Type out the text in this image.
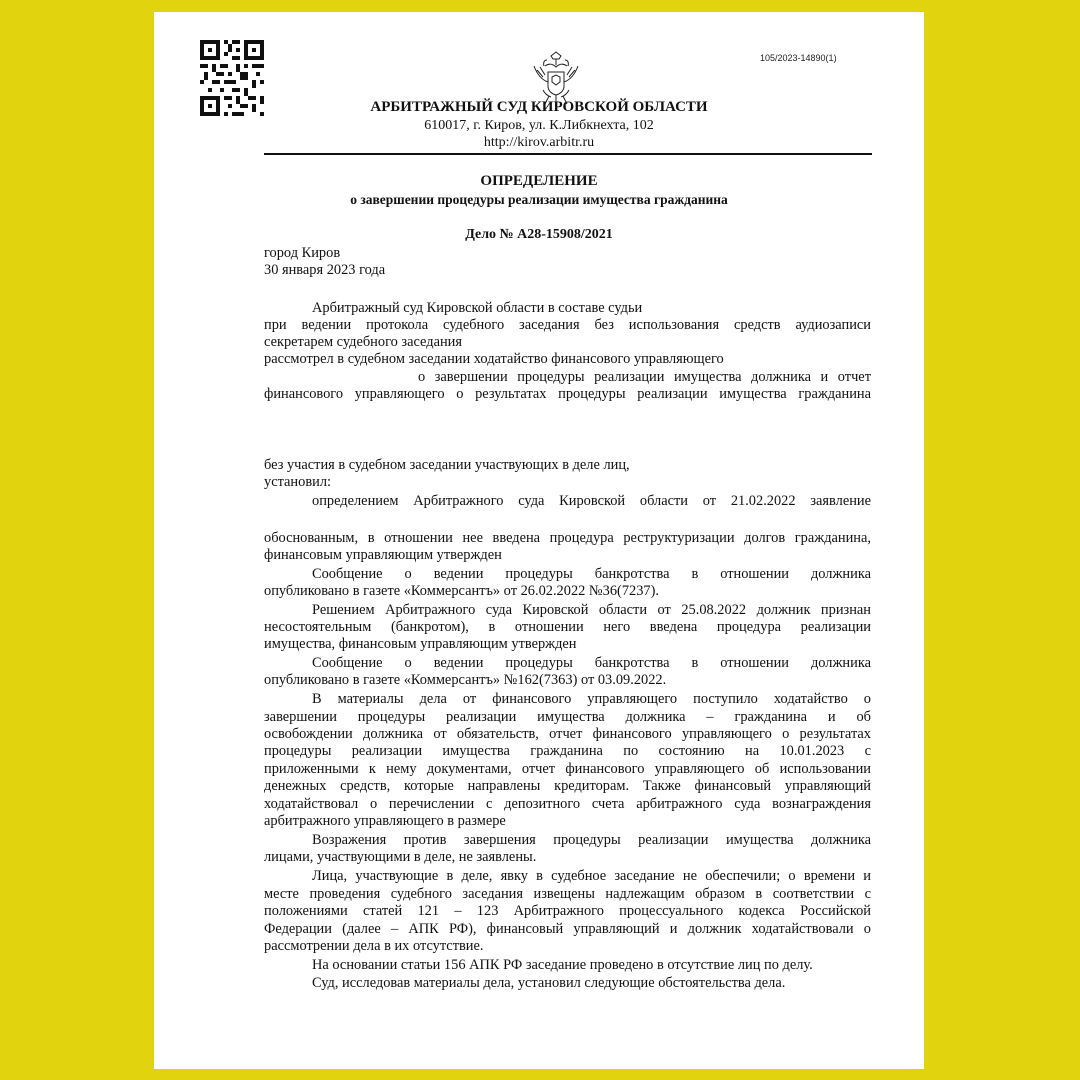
105/2023-14890(1)
АРБИТРАЖНЫЙ СУД КИРОВСКОЙ ОБЛАСТИ
610017, г. Киров, ул. К.Либкнехта, 102
http://kirov.arbitr.ru
ОПРЕДЕЛЕНИЕ
о завершении процедуры реализации имущества гражданина
Дело № А28-15908/2021
город Киров
30 января 2023 года
Арбитражный суд Кировской области в составе судьи
при ведении протокола судебного заседания без использования средств аудиозаписи
секретарем судебного заседания
рассмотрел в судебном заседании ходатайство финансового управляющего
о завершении процедуры реализации имущества должника и отчет
финансового управляющего о результатах процедуры реализации имущества гражданина
без участия в судебном заседании участвующих в деле лиц,
установил:
определением Арбитражного суда Кировской области от 21.02.2022 заявление
обоснованным, в отношении нее введена процедура реструктуризации долгов гражданина,
финансовым управляющим утвержден
Сообщение о ведении процедуры банкротства в отношении должника
опубликовано в газете «Коммерсантъ» от 26.02.2022 №36(7237).
Решением Арбитражного суда Кировской области от 25.08.2022 должник признан
несостоятельным (банкротом), в отношении него введена процедура реализации
имущества, финансовым управляющим утвержден
Сообщение о ведении процедуры банкротства в отношении должника
опубликовано в газете «Коммерсантъ» №162(7363) от 03.09.2022.
В материалы дела от финансового управляющего поступило ходатайство о
завершении процедуры реализации имущества должника – гражданина и об
освобождении должника от обязательств, отчет финансового управляющего о результатах
процедуры реализации имущества гражданина по состоянию на 10.01.2023 с
приложенными к нему документами, отчет финансового управляющего об использовании
денежных средств, которые направлены кредиторам. Также финансовый управляющий
ходатайствовал о перечислении с депозитного счета арбитражного суда вознаграждения
арбитражного управляющего в размере
Возражения против завершения процедуры реализации имущества должника
лицами, участвующими в деле, не заявлены.
Лица, участвующие в деле, явку в судебное заседание не обеспечили; о времени и
месте проведения судебного заседания извещены надлежащим образом в соответствии с
положениями статей 121 – 123 Арбитражного процессуального кодекса Российской
Федерации (далее – АПК РФ), финансовый управляющий и должник ходатайствовали о
рассмотрении дела в их отсутствие.
На основании статьи 156 АПК РФ заседание проведено в отсутствие лиц по делу.
Суд, исследовав материалы дела, установил следующие обстоятельства дела.
